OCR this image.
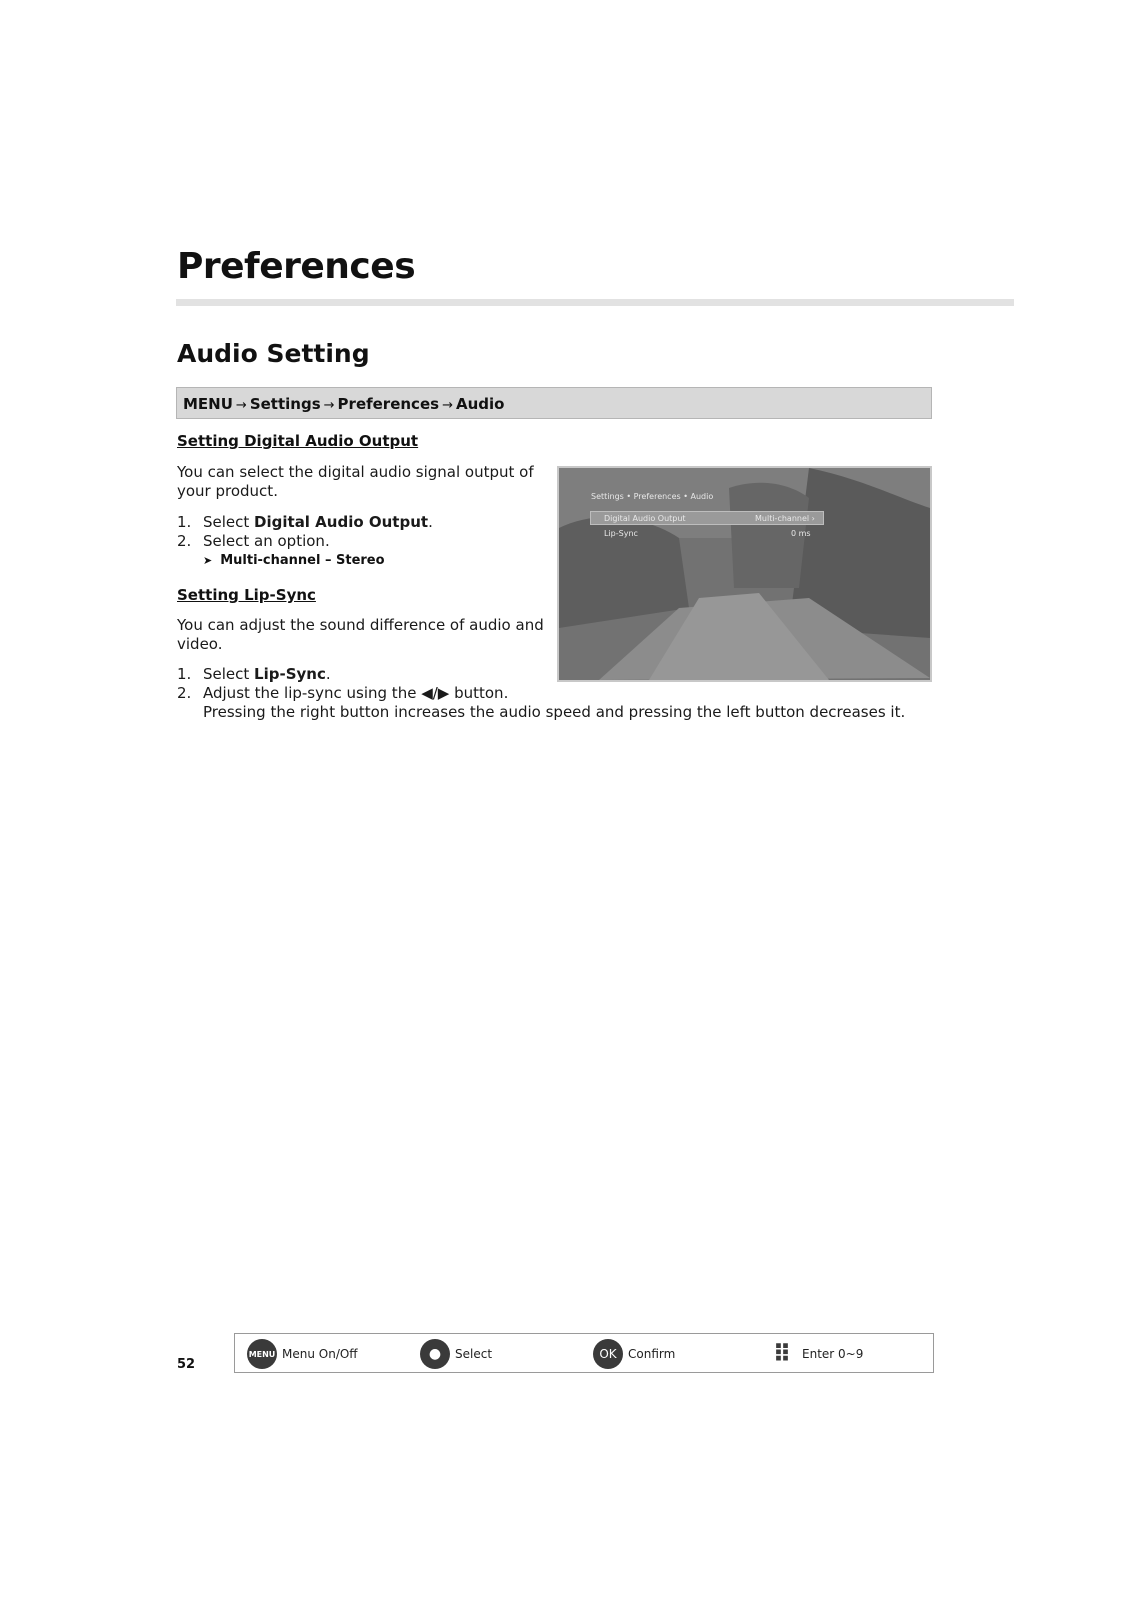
Preferences
Audio Setting
MENU → Settings → Preferences → Audio
Setting Digital Audio Output
You can select the digital audio signal output of
your product.
1. Select Digital Audio Output.
2. Select an option.
➤ Multi-channel – Stereo
Setting Lip-Sync
You can adjust the sound difference of audio and
video.
1. Select Lip-Sync.
2. Adjust the lip-sync using the ◀/▶ button.
Pressing the right button increases the audio speed and pressing the left button decreases it.
Settings • Preferences • Audio
Digital Audio Output	Multi-channel ›
Lip-Sync	0 ms
52
MENU Menu On/Off	●	Select	OK Confirm	⠿ Enter 0~9
